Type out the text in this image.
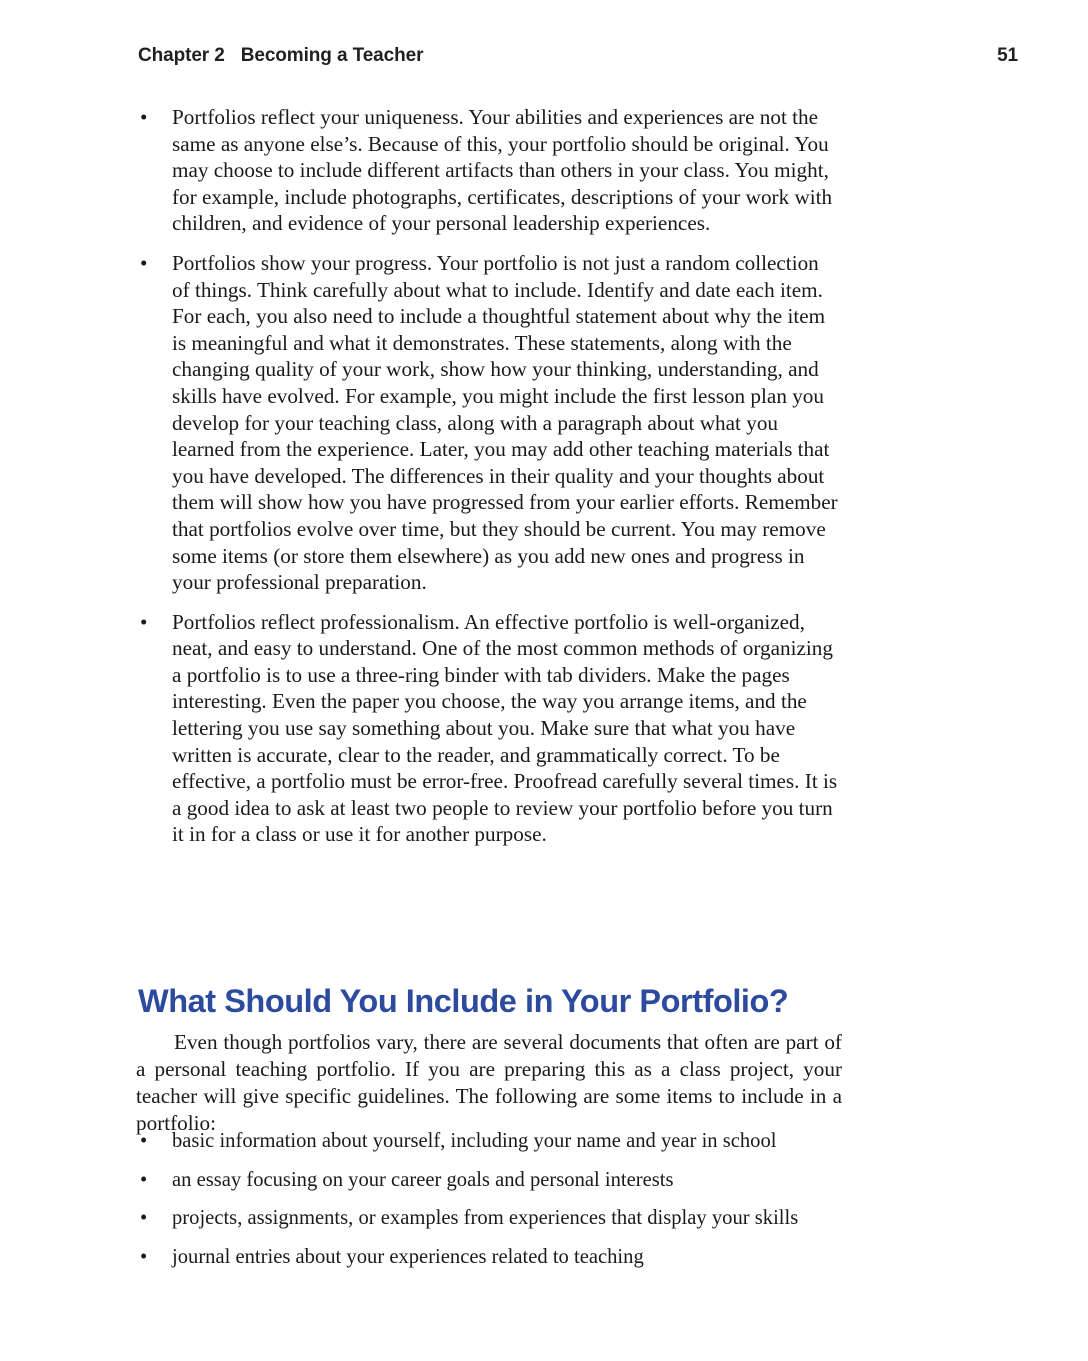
Chapter 2 Becoming a Teacher	51
•	Portfolios reflect your uniqueness. Your abilities and experiences are not the same as anyone else’s. Because of this, your portfolio should be original. You may choose to include different artifacts than others in your class. You might, for example, include photographs, certificates, descriptions of your work with children, and evidence of your personal leadership experiences.
•	Portfolios show your progress. Your portfolio is not just a random collection of things. Think carefully about what to include. Identify and date each item. For each, you also need to include a thoughtful statement about why the item is meaningful and what it demonstrates. These statements, along with the changing quality of your work, show how your thinking, understanding, and skills have evolved. For example, you might include the first lesson plan you develop for your teaching class, along with a paragraph about what you learned from the experience. Later, you may add other teaching materials that you have developed. The differences in their quality and your thoughts about them will show how you have progressed from your earlier efforts. Remember that portfolios evolve over time, but they should be current. You may remove some items (or store them elsewhere) as you add new ones and progress in your professional preparation.
•	Portfolios reflect professionalism. An effective portfolio is well-organized, neat, and easy to understand. One of the most common methods of organizing a portfolio is to use a three-ring binder with tab dividers. Make the pages interesting. Even the paper you choose, the way you arrange items, and the lettering you use say something about you. Make sure that what you have written is accurate, clear to the reader, and grammatically correct. To be effective, a portfolio must be error-free. Proofread carefully several times. It is a good idea to ask at least two people to review your portfolio before you turn it in for a class or use it for another purpose.
What Should You Include in Your Portfolio?

Even though portfolios vary, there are several documents that often are part of a personal teaching portfolio. If you are preparing this as a class project, your teacher will give specific guidelines. The following are some items to include in a portfolio:

•	basic information about yourself, including your name and year in school
•	an essay focusing on your career goals and personal interests
•	projects, assignments, or examples from experiences that display your skills
•	journal entries about your experiences related to teaching
